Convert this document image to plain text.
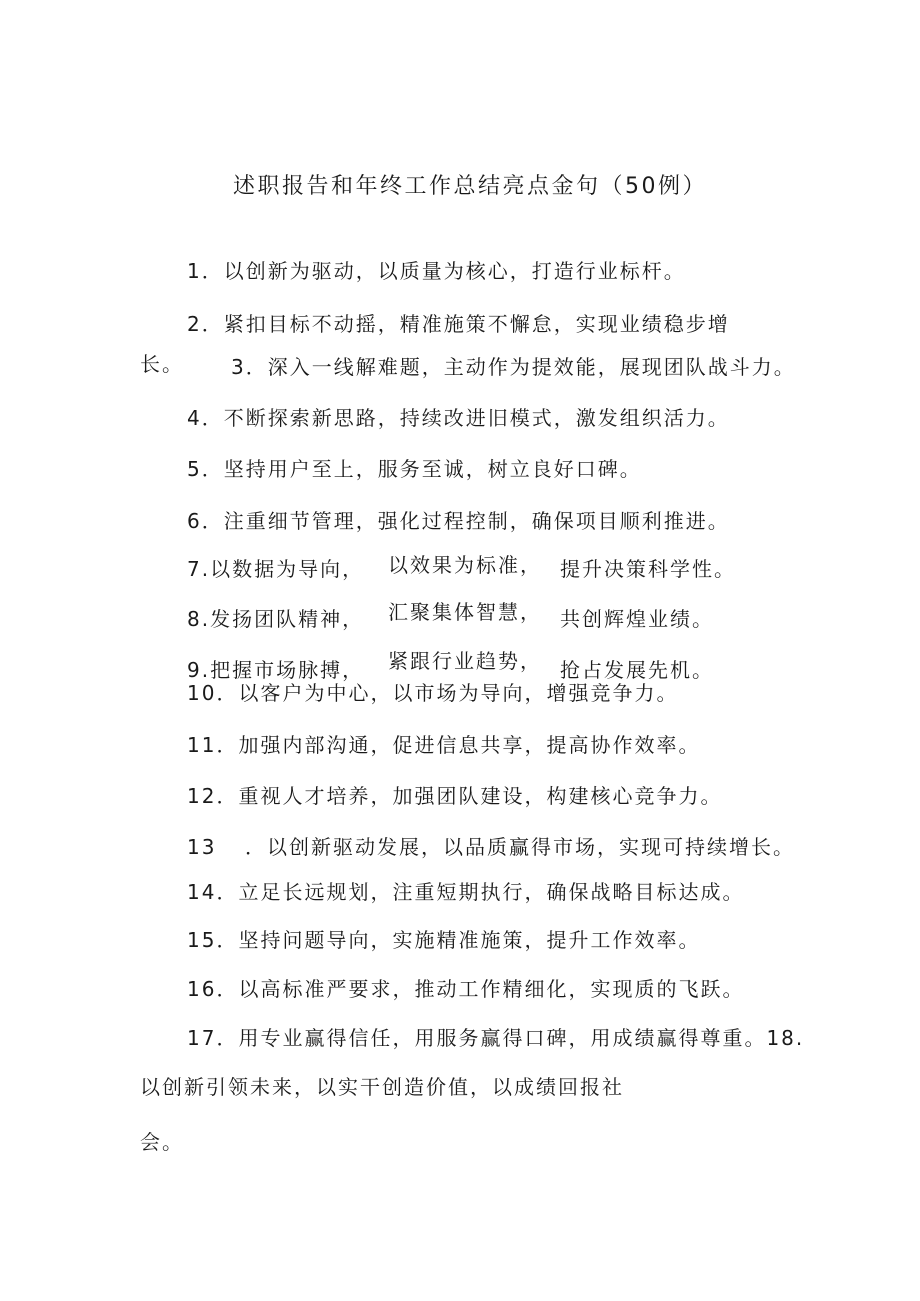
述职报告和年终工作总结亮点金句（50例）
1．以创新为驱动，以质量为核心，打造行业标杆。
2．紧扣目标不动摇，精准施策不懈怠，实现业绩稳步增
长。 3．深入一线解难题，主动作为提效能，展现团队战斗力。
4．不断探索新思路，持续改进旧模式，激发组织活力。
5．坚持用户至上，服务至诚，树立良好口碑。
6．注重细节管理，强化过程控制，确保项目顺利推进。
7.以数据为导向， 以效果为标准， 提升决策科学性。
8.发扬团队精神， 汇聚集体智慧， 共创辉煌业绩。
9.把握市场脉搏， 紧跟行业趋势， 抢占发展先机。
10．以客户为中心，以市场为导向，增强竞争力。
11．加强内部沟通，促进信息共享，提高协作效率。
12．重视人才培养，加强团队建设，构建核心竞争力。
13 ．以创新驱动发展，以品质赢得市场，实现可持续增长。
14．立足长远规划，注重短期执行，确保战略目标达成。
15．坚持问题导向，实施精准施策，提升工作效率。
16．以高标准严要求，推动工作精细化，实现质的飞跃。
17．用专业赢得信任，用服务赢得口碑，用成绩赢得尊重。18.
以创新引领未来，以实干创造价值，以成绩回报社
会。
